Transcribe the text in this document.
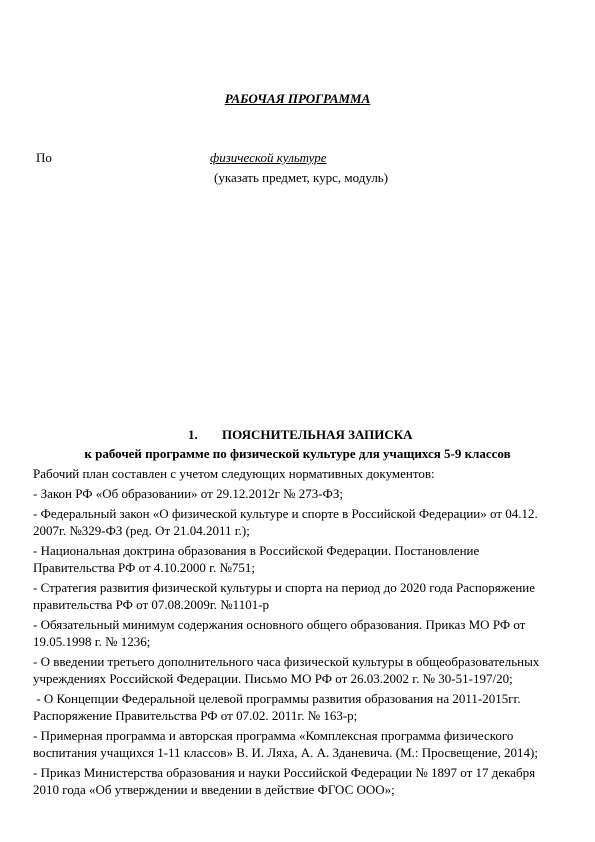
РАБОЧАЯ ПРОГРАММА
По	физической культуре
(указать предмет, курс, модуль)
1. ПОЯСНИТЕЛЬНАЯ ЗАПИСКА
к рабочей программе по физической культуре для учащихся 5-9 классов
Рабочий план составлен с учетом следующих нормативных документов:
- Закон РФ «Об образовании» от 29.12.2012г № 273-ФЗ;
- Федеральный закон «О физической культуре и спорте в Российской Федерации» от 04.12.
2007г. №329-ФЗ (ред. От 21.04.2011 г.);
- Национальная доктрина образования в Российской Федерации. Постановление
Правительства РФ от 4.10.2000 г. №751;
- Стратегия развития физической культуры и спорта на период до 2020 года Распоряжение
правительства РФ от 07.08.2009г. №1101-р
- Обязательный минимум содержания основного общего образования. Приказ МО РФ от
19.05.1998 г. № 1236;
- О введении третьего дополнительного часа физической культуры в общеобразовательных
учреждениях Российской Федерации. Письмо МО РФ от 26.03.2002 г. № 30-51-197/20;
- О Концепции Федеральной целевой программы развития образования на 2011-2015гг.
Распоряжение Правительства РФ от 07.02. 2011г. № 163-р;
- Примерная программа и авторская программа «Комплексная программа физического
воспитания учащихся 1-11 классов» В. И. Ляха, А. А. Зданевича. (М.: Просвещение, 2014);
- Приказ Министерства образования и науки Российской Федерации № 1897 от 17 декабря
2010 года «Об утверждении и введении в действие ФГОС ООО»;
